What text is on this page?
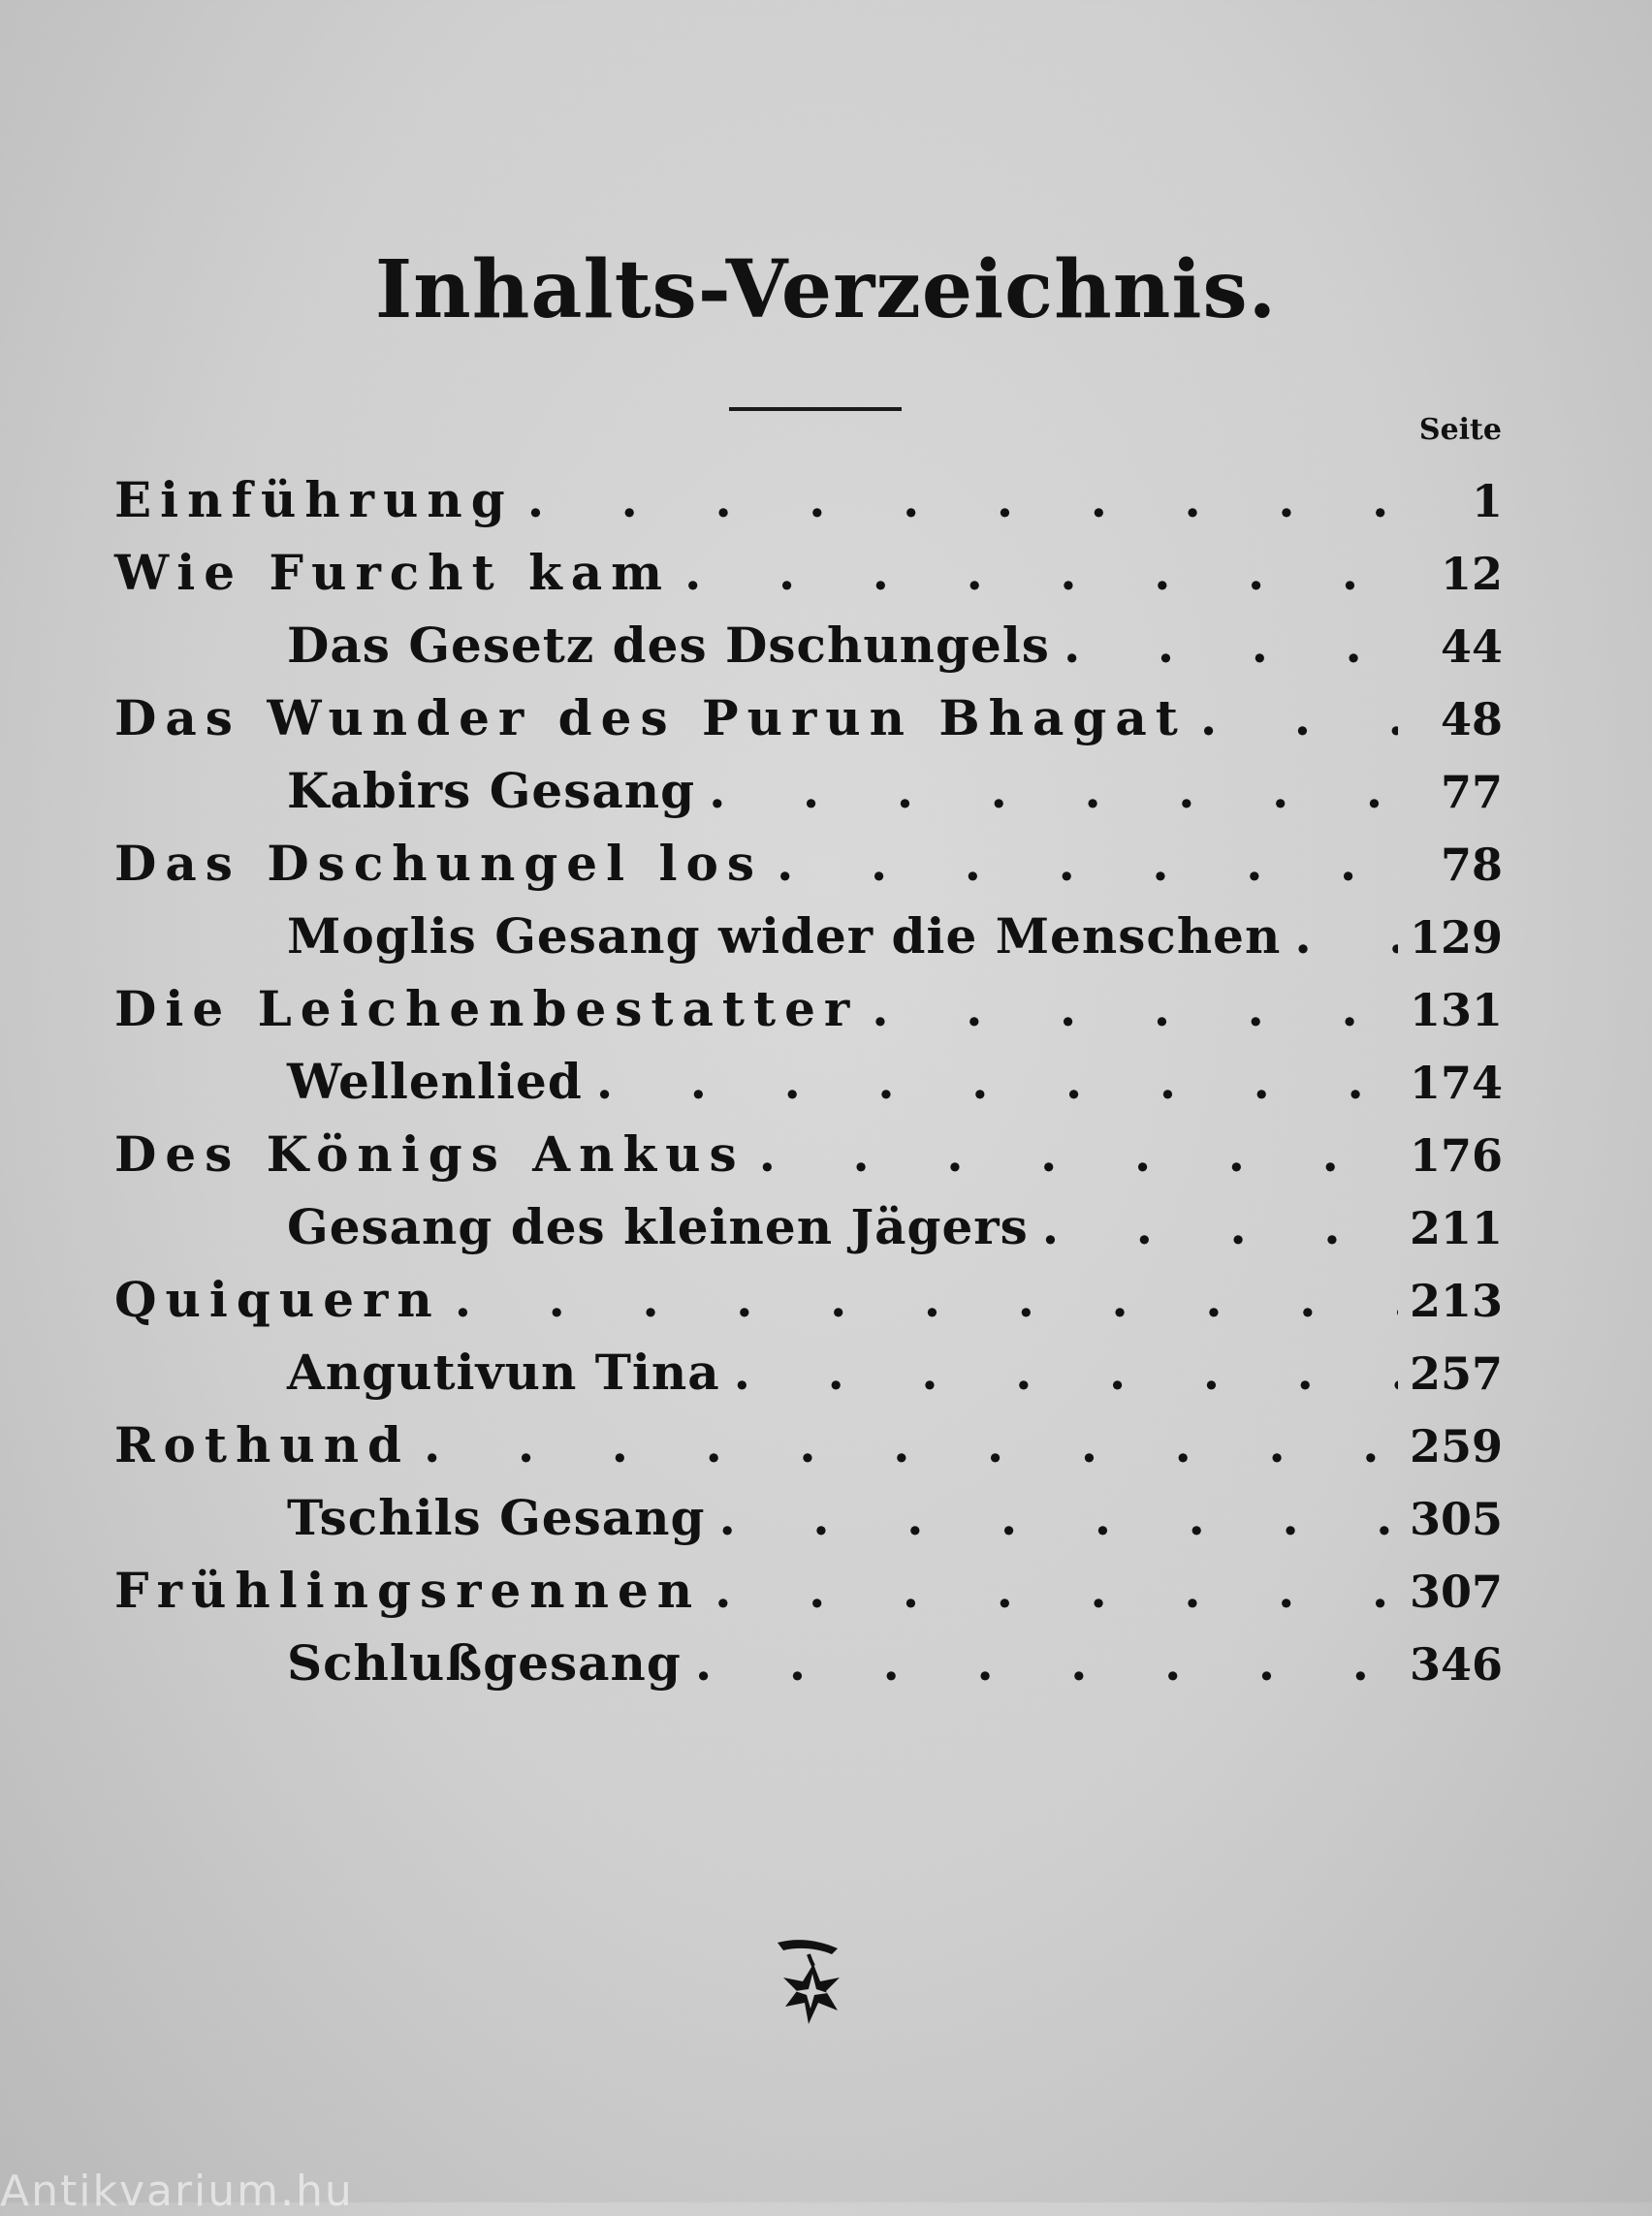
Inhalts-Verzeichnis.
Seite
Einführung . . .	1
Wie Furcht kam . . .	12
Das Gesetz des Dschungels . . .	44
Das Wunder des Purun Bhagat . . .	48
Kabirs Gesang . . .	77
Das Dschungel los . . .	78
Moglis Gesang wider die Menschen . . .	129
Die Leichenbestatter . . .	131
Wellenlied . . .	174
Des Königs Ankus . . .	176
Gesang des kleinen Jägers . . .	211
Quiquern . . .	213
Angutivun Tina . . .	257
Rothund . . .	259
Tschils Gesang . . .	305
Frühlingsrennen . . .	307
Schlußgesang . . .	346
Antikvarium.hu
